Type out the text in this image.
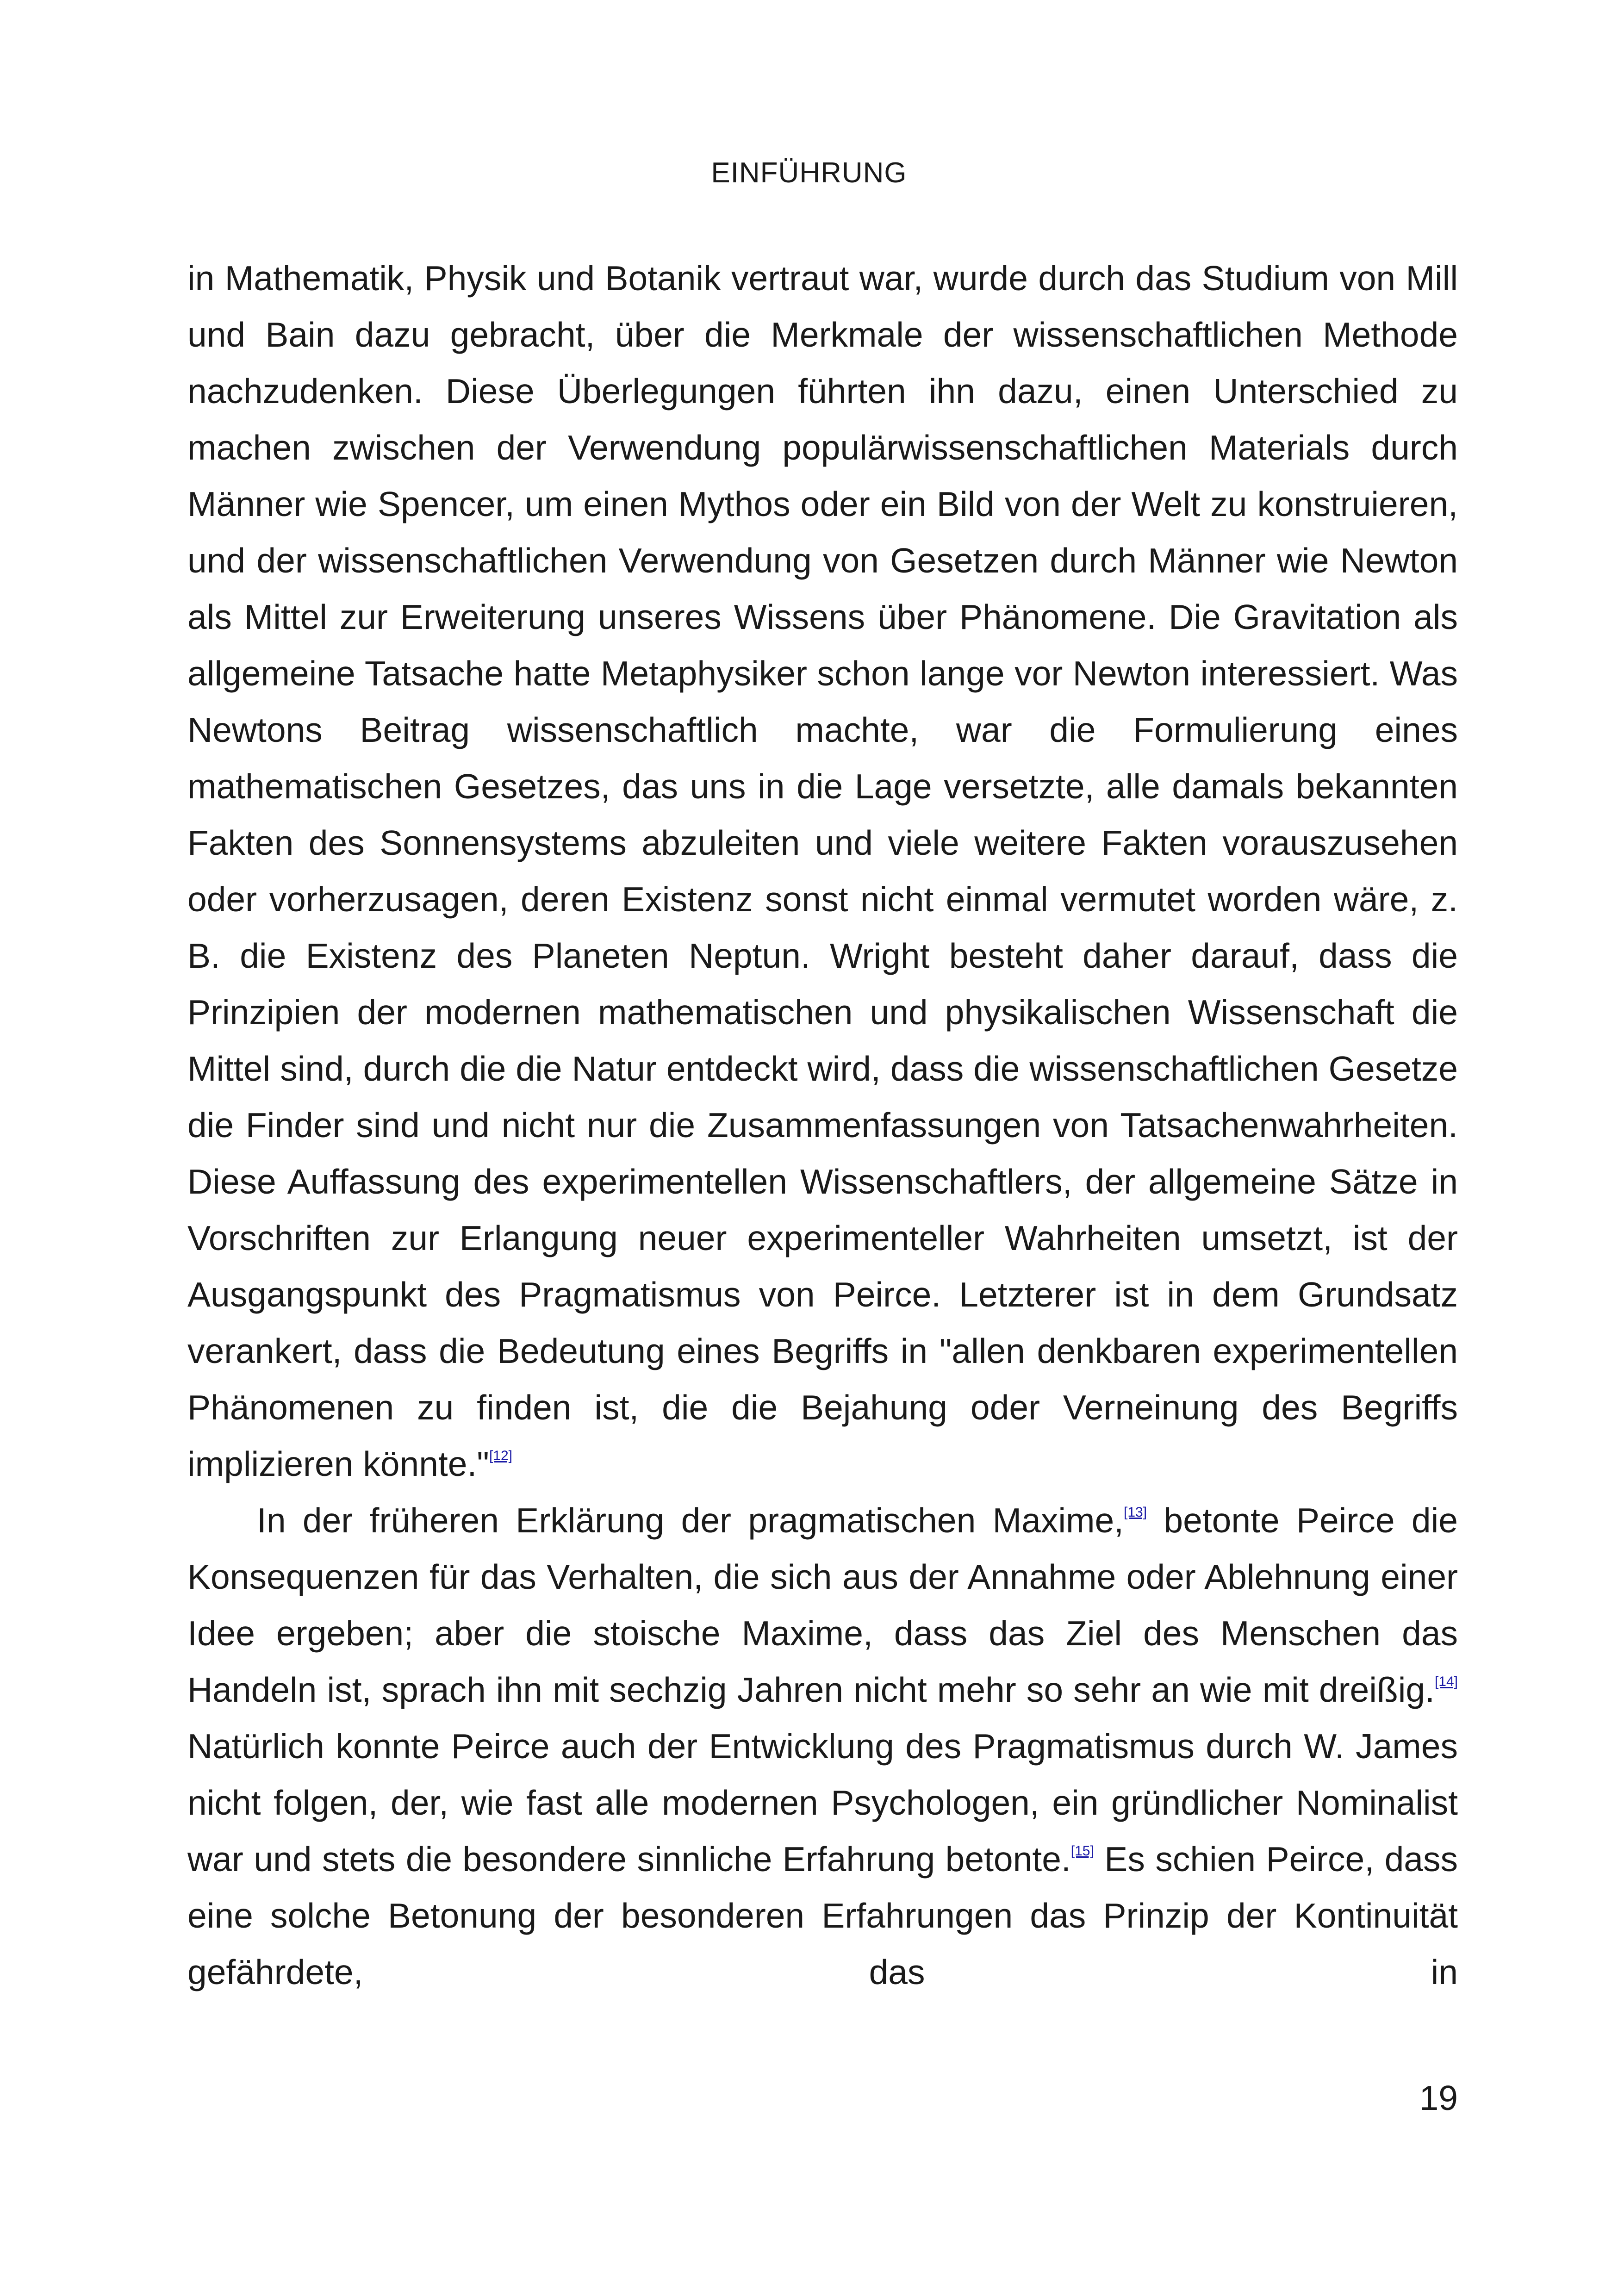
EINFÜHRUNG

in Mathematik, Physik und Botanik vertraut war, wurde durch das Studium von Mill und Bain dazu gebracht, über die Merkmale der wissenschaftlichen Methode nachzudenken. Diese Überlegungen führten ihn dazu, einen Unterschied zu machen zwischen der Verwendung populärwissenschaftlichen Materials durch Männer wie Spencer, um einen Mythos oder ein Bild von der Welt zu konstruieren, und der wissenschaftlichen Verwendung von Gesetzen durch Männer wie Newton als Mittel zur Erweiterung unseres Wissens über Phänomene. Die Gravitation als allgemeine Tatsache hatte Metaphysiker schon lange vor Newton interessiert. Was Newtons Beitrag wissenschaftlich machte, war die Formulierung eines mathematischen Gesetzes, das uns in die Lage versetzte, alle damals bekannten Fakten des Sonnensystems abzuleiten und viele weitere Fakten vorauszusehen oder vorherzusagen, deren Existenz sonst nicht einmal vermutet worden wäre, z. B. die Existenz des Planeten Neptun. Wright besteht daher darauf, dass die Prinzipien der modernen mathematischen und physikalischen Wissenschaft die Mittel sind, durch die die Natur entdeckt wird, dass die wissenschaftlichen Gesetze die Finder sind und nicht nur die Zusammenfassungen von Tatsachenwahrheiten. Diese Auffassung des experimentellen Wissenschaftlers, der allgemeine Sätze in Vorschriften zur Erlangung neuer experimenteller Wahrheiten umsetzt, ist der Ausgangspunkt des Pragmatismus von Peirce. Letzterer ist in dem Grundsatz verankert, dass die Bedeutung eines Begriffs in "allen denkbaren experimentellen Phänomenen zu finden ist, die die Bejahung oder Verneinung des Begriffs implizieren könnte."[12]

In der früheren Erklärung der pragmatischen Maxime,[13] betonte Peirce die Konsequenzen für das Verhalten, die sich aus der Annahme oder Ablehnung einer Idee ergeben; aber die stoische Maxime, dass das Ziel des Menschen das Handeln ist, sprach ihn mit sechzig Jahren nicht mehr so sehr an wie mit dreißig.[14] Natürlich konnte Peirce auch der Entwicklung des Pragmatismus durch W. James nicht folgen, der, wie fast alle modernen Psychologen, ein gründlicher Nominalist war und stets die besondere sinnliche Erfahrung betonte.[15] Es schien Peirce, dass eine solche Betonung der besonderen Erfahrungen das Prinzip der Kontinuität gefährdete, das in

19
